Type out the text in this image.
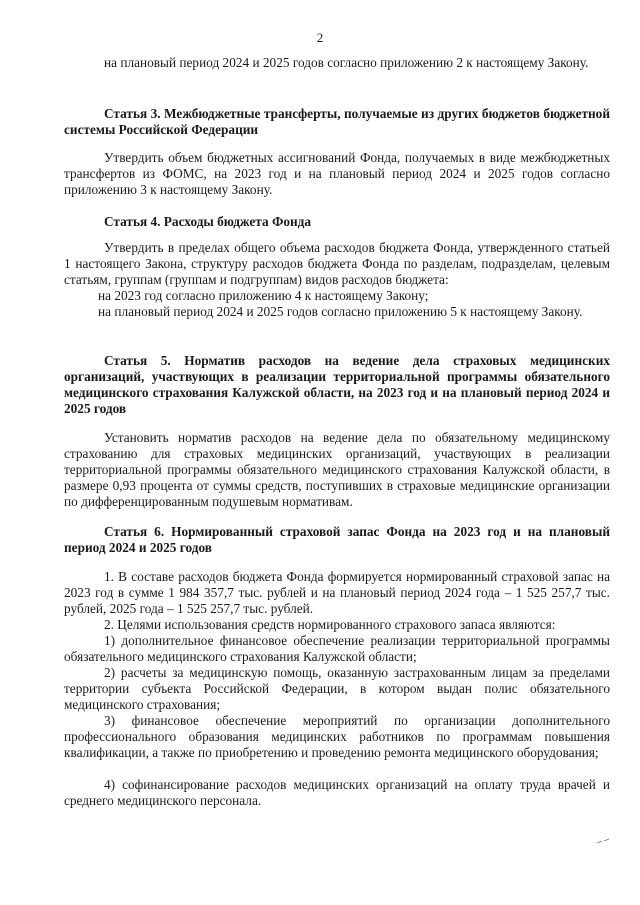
2
на плановый период 2024 и 2025 годов согласно приложению 2 к настоящему Закону.
Статья 3. Межбюджетные трансферты, получаемые из других бюджетов бюджетной системы Российской Федерации
Утвердить объем бюджетных ассигнований Фонда, получаемых в виде межбюджетных трансфертов из ФОМС, на 2023 год и на плановый период 2024 и 2025 годов согласно приложению 3 к настоящему Закону.
Статья 4. Расходы бюджета Фонда
Утвердить в пределах общего объема расходов бюджета Фонда, утвержденного статьей 1 настоящего Закона, структуру расходов бюджета Фонда по разделам, подразделам, целевым статьям, группам (группам и подгруппам) видов расходов бюджета:
на 2023 год согласно приложению 4 к настоящему Закону;
на плановый период 2024 и 2025 годов согласно приложению 5 к настоящему Закону.
Статья 5. Норматив расходов на ведение дела страховых медицинских организаций, участвующих в реализации территориальной программы обязательного медицинского страхования Калужской области, на 2023 год и на плановый период 2024 и 2025 годов
Установить норматив расходов на ведение дела по обязательному медицинскому страхованию для страховых медицинских организаций, участвующих в реализации территориальной программы обязательного медицинского страхования Калужской области, в размере 0,93 процента от суммы средств, поступивших в страховые медицинские организации по дифференцированным подушевым нормативам.
Статья 6. Нормированный страховой запас Фонда на 2023 год и на плановый период 2024 и 2025 годов
1. В составе расходов бюджета Фонда формируется нормированный страховой запас на 2023 год в сумме 1 984 357,7 тыс. рублей и на плановый период 2024 года – 1 525 257,7 тыс. рублей, 2025 года – 1 525 257,7 тыс. рублей.
2. Целями использования средств нормированного страхового запаса являются:
1) дополнительное финансовое обеспечение реализации территориальной программы обязательного медицинского страхования Калужской области;
2) расчеты за медицинскую помощь, оказанную застрахованным лицам за пределами территории субъекта Российской Федерации, в котором выдан полис обязательного медицинского страхования;
3) финансовое обеспечение мероприятий по организации дополнительного профессионального образования медицинских работников по программам повышения квалификации, а также по приобретению и проведению ремонта медицинского оборудования;
4) софинансирование расходов медицинских организаций на оплату труда врачей и среднего медицинского персонала.
